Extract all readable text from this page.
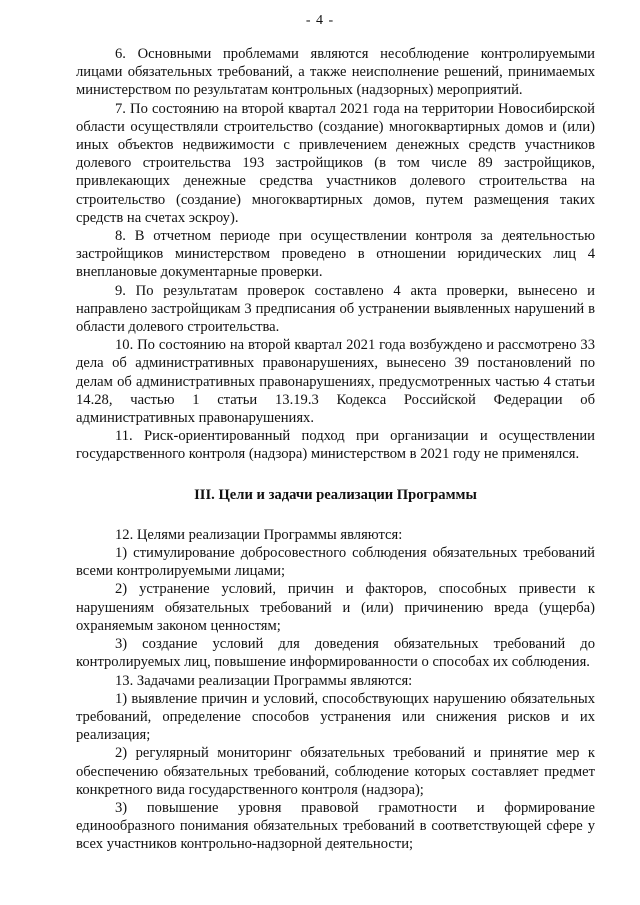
- 4 -

6. Основными проблемами являются несоблюдение контролируемыми лицами обязательных требований, а также неисполнение решений, принимаемых министерством по результатам контрольных (надзорных) мероприятий.

7. По состоянию на второй квартал 2021 года на территории Новосибирской области осуществляли строительство (создание) многоквартирных домов и (или) иных объектов недвижимости с привлечением денежных средств участников долевого строительства 193 застройщиков (в том числе 89 застройщиков, привлекающих денежные средства участников долевого строительства на строительство (создание) многоквартирных домов, путем размещения таких средств на счетах эскроу).

8. В отчетном периоде при осуществлении контроля за деятельностью застройщиков министерством проведено в отношении юридических лиц 4 внеплановые документарные проверки.

9. По результатам проверок составлено 4 акта проверки, вынесено и направлено застройщикам 3 предписания об устранении выявленных нарушений в области долевого строительства.

10. По состоянию на второй квартал 2021 года возбуждено и рассмотрено 33 дела об административных правонарушениях, вынесено 39 постановлений по делам об административных правонарушениях, предусмотренных частью 4 статьи 14.28, частью 1 статьи 13.19.3 Кодекса Российской Федерации об административных правонарушениях.

11. Риск-ориентированный подход при организации и осуществлении государственного контроля (надзора) министерством в 2021 году не применялся.

III. Цели и задачи реализации Программы

12. Целями реализации Программы являются:

1) стимулирование добросовестного соблюдения обязательных требований всеми контролируемыми лицами;

2) устранение условий, причин и факторов, способных привести к нарушениям обязательных требований и (или) причинению вреда (ущерба) охраняемым законом ценностям;

3) создание условий для доведения обязательных требований до контролируемых лиц, повышение информированности о способах их соблюдения.

13. Задачами реализации Программы являются:

1) выявление причин и условий, способствующих нарушению обязательных требований, определение способов устранения или снижения рисков и их реализация;

2) регулярный мониторинг обязательных требований и принятие мер к обеспечению обязательных требований, соблюдение которых составляет предмет конкретного вида государственного контроля (надзора);

3) повышение уровня правовой грамотности и формирование единообразного понимания обязательных требований в соответствующей сфере у всех участников контрольно-надзорной деятельности;
